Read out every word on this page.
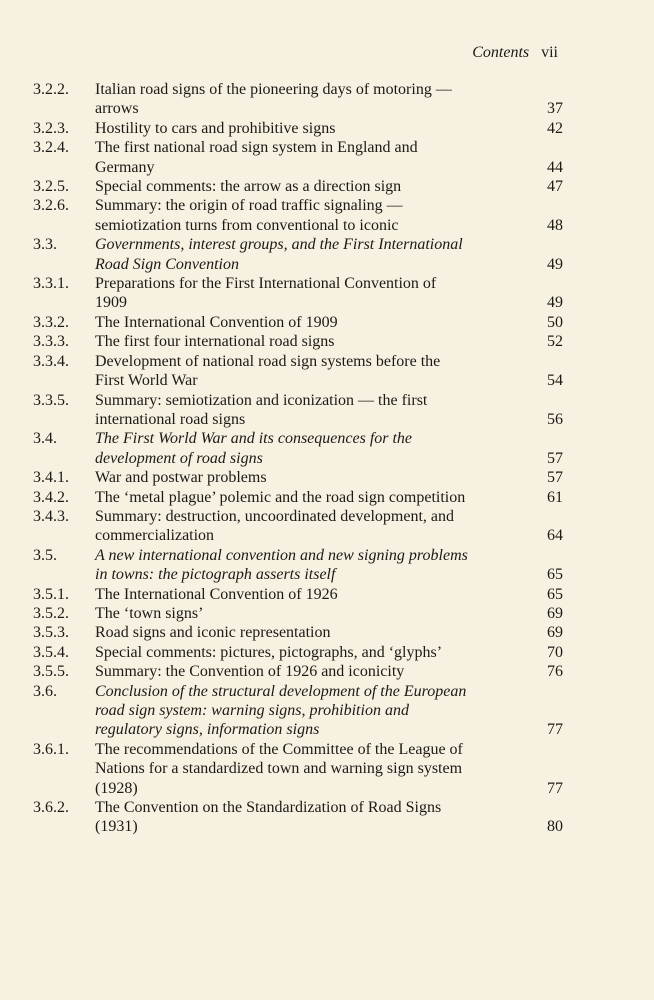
Contents vii
3.2.2.	Italian road signs of the pioneering days of motoring — arrows	37
3.2.3.	Hostility to cars and prohibitive signs	42
3.2.4.	The first national road sign system in England and Germany	44
3.2.5.	Special comments: the arrow as a direction sign	47
3.2.6.	Summary: the origin of road traffic signaling — semiotization turns from conventional to iconic	48
3.3.	Governments, interest groups, and the First International Road Sign Convention	49
3.3.1.	Preparations for the First International Convention of 1909	49
3.3.2.	The International Convention of 1909	50
3.3.3.	The first four international road signs	52
3.3.4.	Development of national road sign systems before the First World War	54
3.3.5.	Summary: semiotization and iconization — the first international road signs	56
3.4.	The First World War and its consequences for the development of road signs	57
3.4.1.	War and postwar problems	57
3.4.2.	The ‘metal plague’ polemic and the road sign competition	61
3.4.3.	Summary: destruction, uncoordinated development, and commercialization	64
3.5.	A new international convention and new signing problems in towns: the pictograph asserts itself	65
3.5.1.	The International Convention of 1926	65
3.5.2.	The ‘town signs’	69
3.5.3.	Road signs and iconic representation	69
3.5.4.	Special comments: pictures, pictographs, and ‘glyphs’	70
3.5.5.	Summary: the Convention of 1926 and iconicity	76
3.6.	Conclusion of the structural development of the European road sign system: warning signs, prohibition and regulatory signs, information signs	77
3.6.1.	The recommendations of the Committee of the League of Nations for a standardized town and warning sign system (1928)	77
3.6.2.	The Convention on the Standardization of Road Signs (1931)	80
